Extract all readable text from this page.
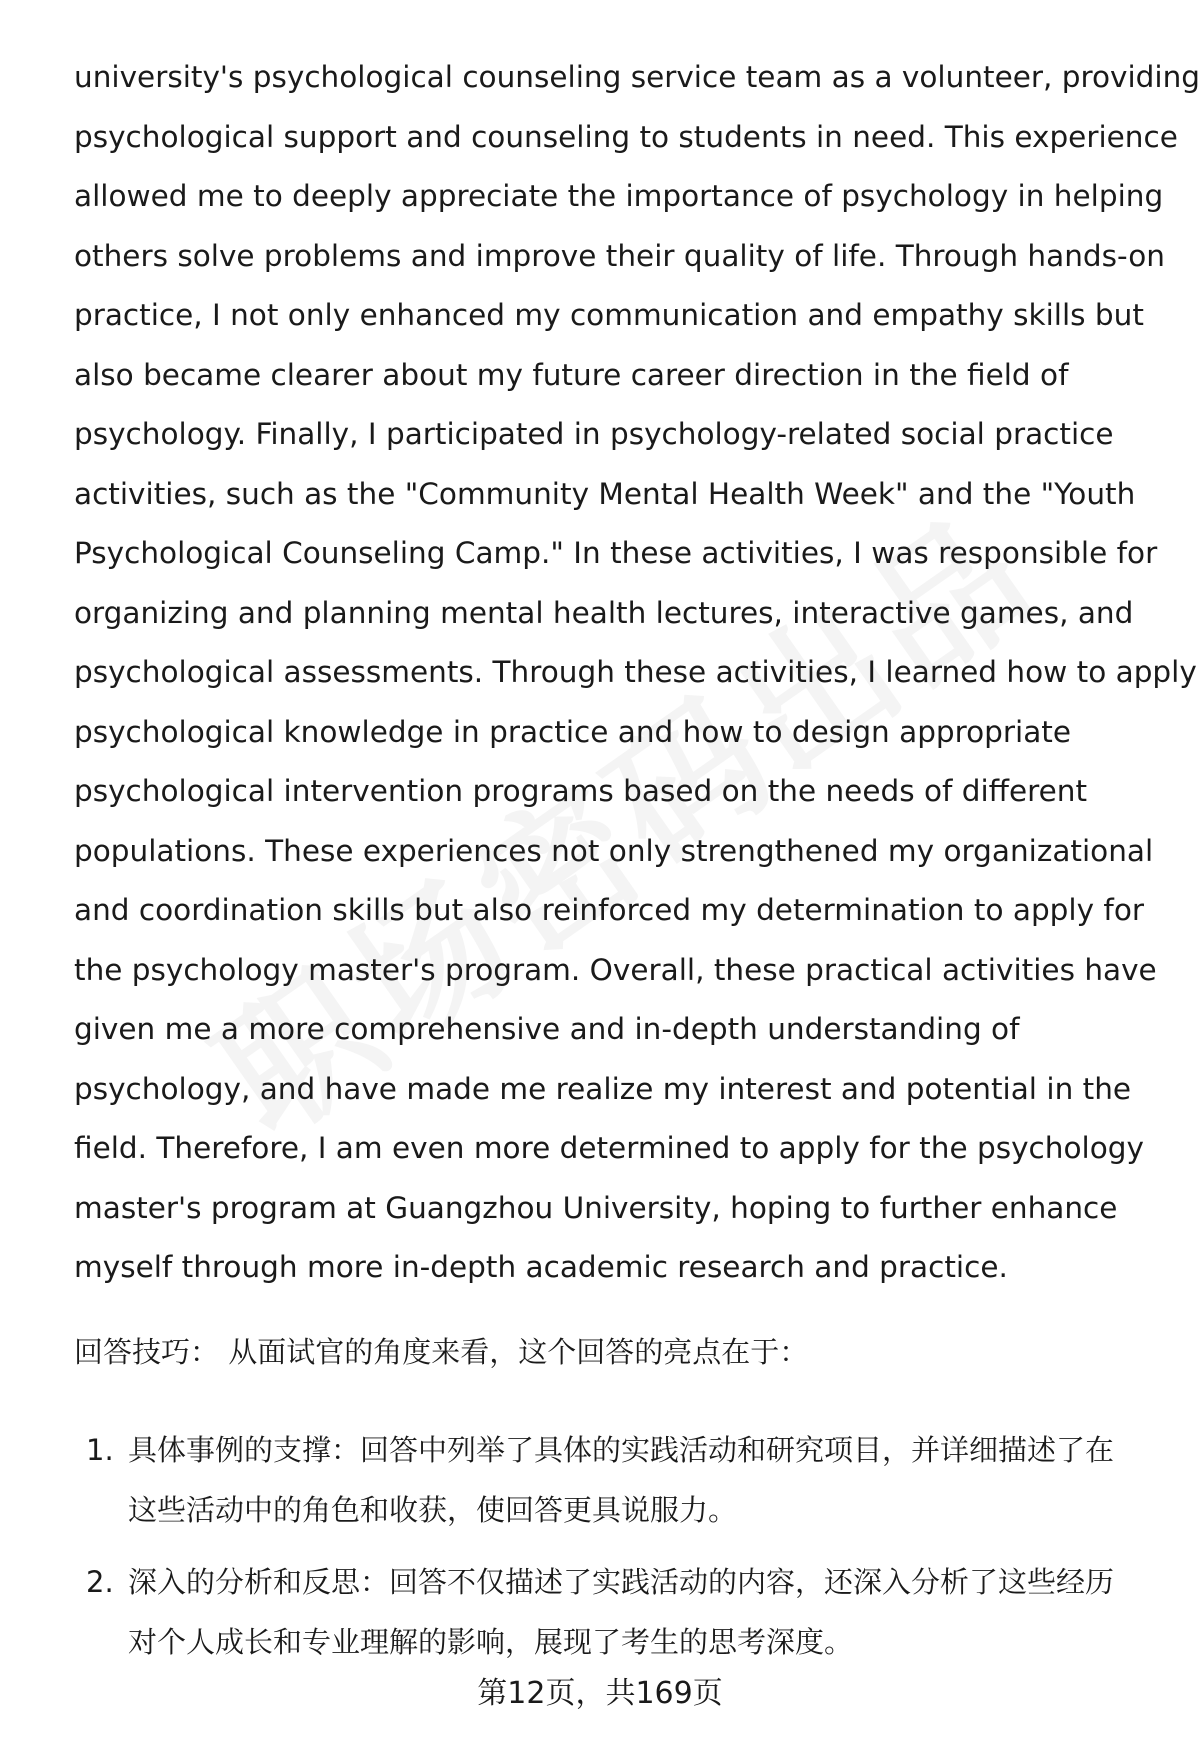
university's psychological counseling service team as a volunteer, providing
psychological support and counseling to students in need. This experience
allowed me to deeply appreciate the importance of psychology in helping
others solve problems and improve their quality of life. Through hands-on
practice, I not only enhanced my communication and empathy skills but
also became clearer about my future career direction in the field of
psychology. Finally, I participated in psychology-related social practice
activities, such as the "Community Mental Health Week" and the "Youth
Psychological Counseling Camp." In these activities, I was responsible for
organizing and planning mental health lectures, interactive games, and
psychological assessments. Through these activities, I learned how to apply
psychological knowledge in practice and how to design appropriate
psychological intervention programs based on the needs of different
populations. These experiences not only strengthened my organizational
and coordination skills but also reinforced my determination to apply for
the psychology master's program. Overall, these practical activities have
given me a more comprehensive and in-depth understanding of
psychology, and have made me realize my interest and potential in the
field. Therefore, I am even more determined to apply for the psychology
master's program at Guangzhou University, hoping to further enhance
myself through more in-depth academic research and practice.
回答技巧： 从面试官的角度来看，这个回答的亮点在于：
1. 具体事例的支撑：回答中列举了具体的实践活动和研究项目，并详细描述了在
这些活动中的角色和收获，使回答更具说服力。
2. 深入的分析和反思：回答不仅描述了实践活动的内容，还深入分析了这些经历
对个人成长和专业理解的影响，展现了考生的思考深度。
第12页，共169页
